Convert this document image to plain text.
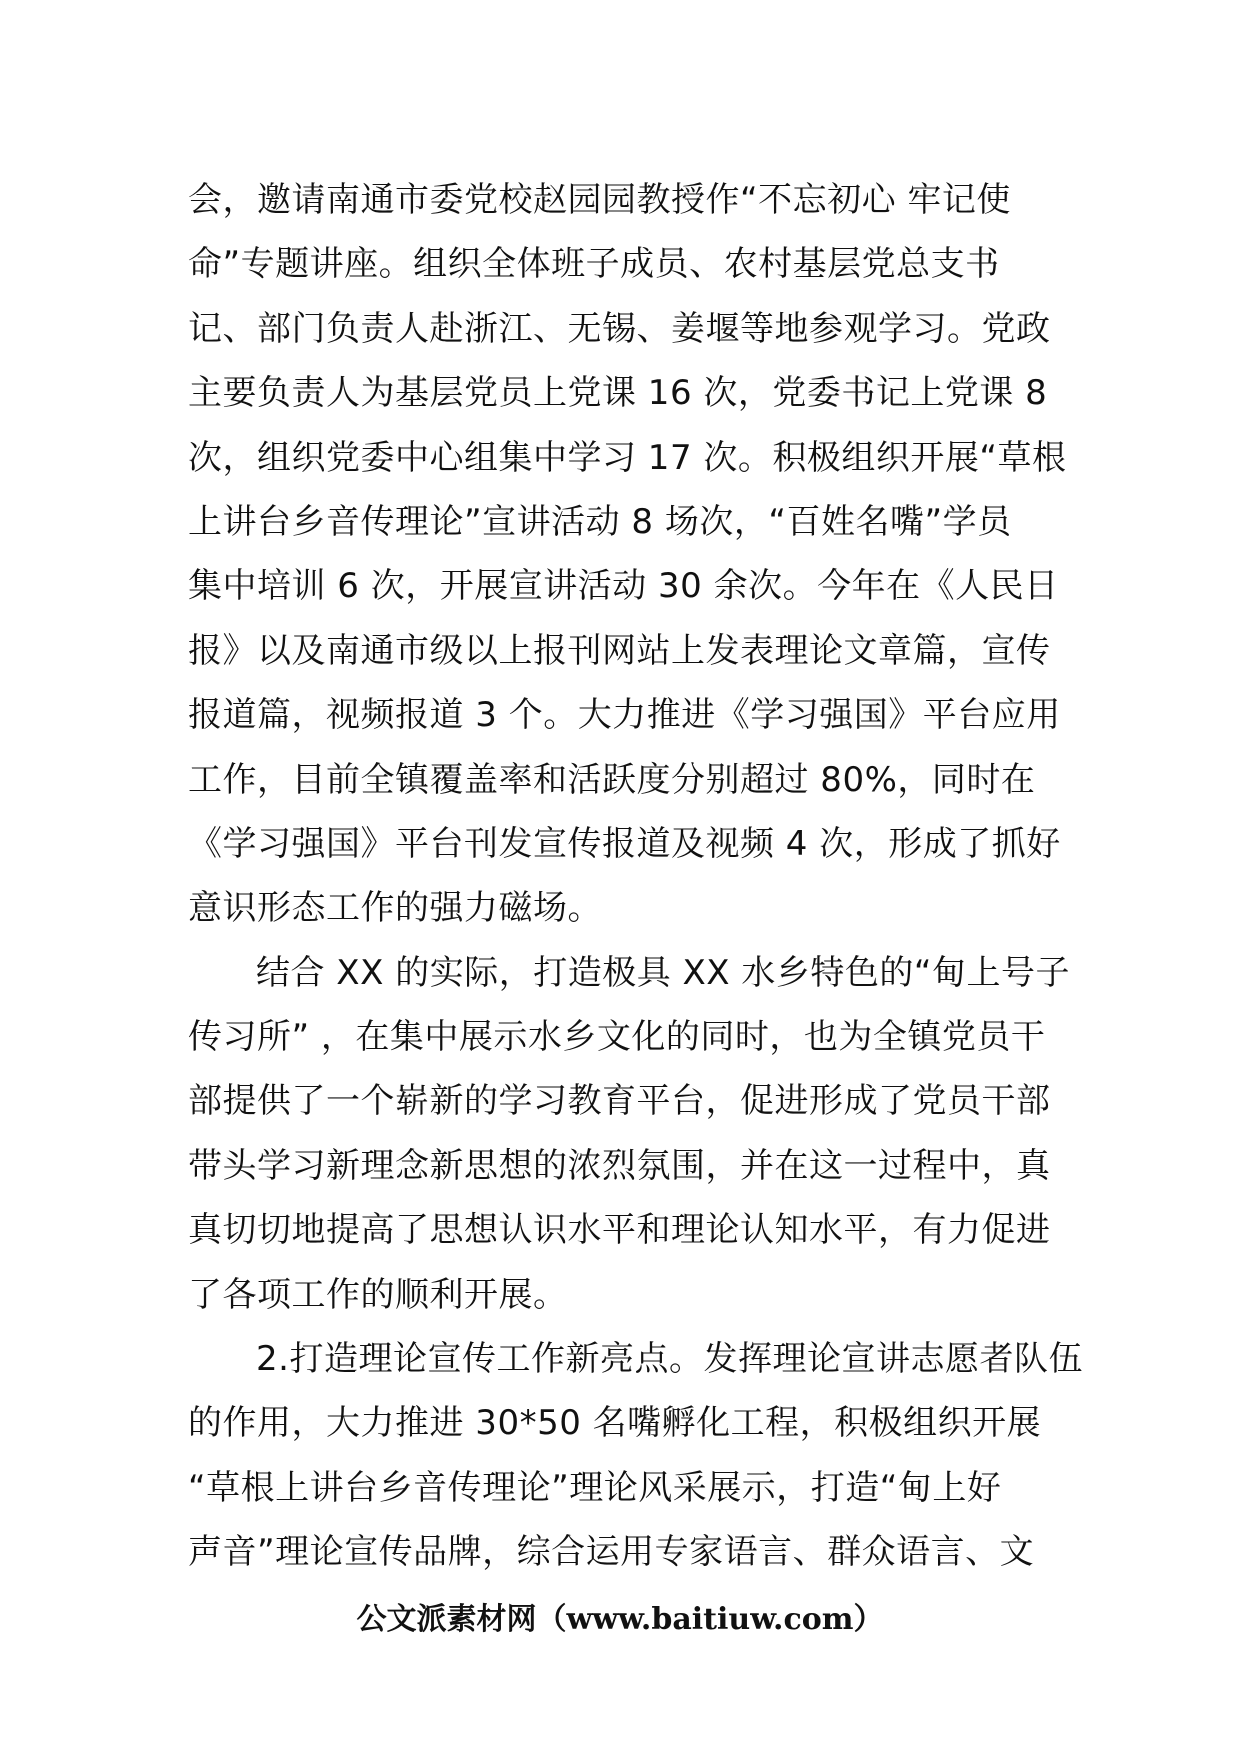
会，邀请南通市委党校赵园园教授作“不忘初心 牢记使
命”专题讲座。组织全体班子成员、农村基层党总支书
记、部门负责人赴浙江、无锡、姜堰等地参观学习。党政
主要负责人为基层党员上党课 16 次，党委书记上党课 8
次，组织党委中心组集中学习 17 次。积极组织开展“草根
上讲台乡音传理论”宣讲活动 8 场次，“百姓名嘴”学员
集中培训 6 次，开展宣讲活动 30 余次。今年在《人民日
报》以及南通市级以上报刊网站上发表理论文章篇，宣传
报道篇，视频报道 3 个。大力推进《学习强国》平台应用
工作，目前全镇覆盖率和活跃度分别超过 80%，同时在
《学习强国》平台刊发宣传报道及视频 4 次，形成了抓好
意识形态工作的强力磁场。
结合 XX 的实际，打造极具 XX 水乡特色的“甸上号子
传习所” ，在集中展示水乡文化的同时，也为全镇党员干
部提供了一个崭新的学习教育平台，促进形成了党员干部
带头学习新理念新思想的浓烈氛围，并在这一过程中，真
真切切地提高了思想认识水平和理论认知水平，有力促进
了各项工作的顺利开展。
2.打造理论宣传工作新亮点。发挥理论宣讲志愿者队伍
的作用，大力推进 30*50 名嘴孵化工程，积极组织开展
“草根上讲台乡音传理论”理论风采展示，打造“甸上好
声音”理论宣传品牌，综合运用专家语言、群众语言、文
公文派素材网（www.baitiuw.com）
